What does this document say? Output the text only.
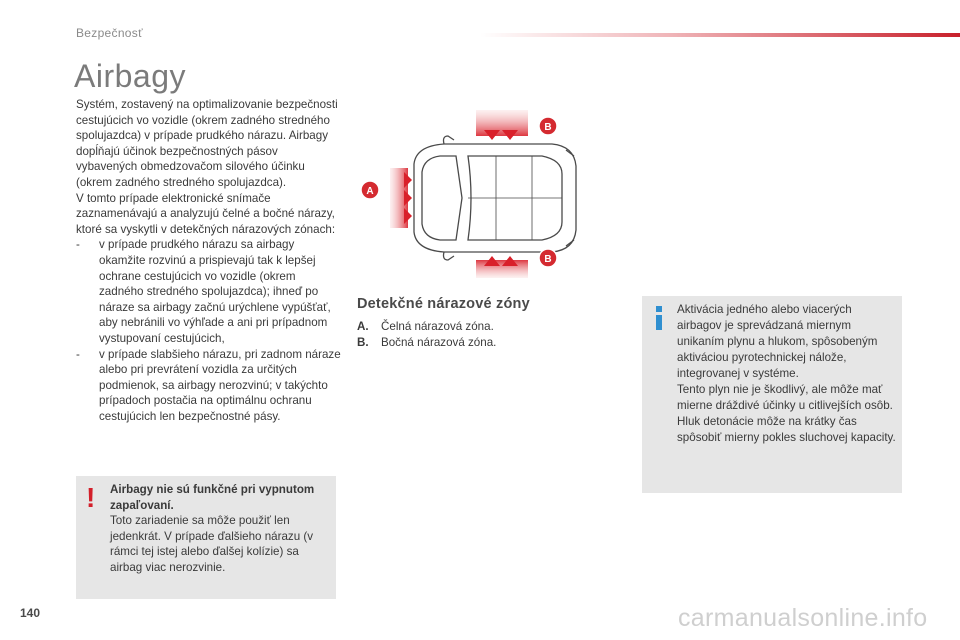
Bezpečnosť
Airbagy

Systém, zostavený na optimalizovanie bezpečnosti cestujúcich vo vozidle (okrem zadného stredného spolujazdca) v prípade prudkého nárazu. Airbagy dopĺňajú účinok bezpečnostných pásov vybavených obmedzovačom silového účinku (okrem zadného stredného spolujazdca).

V tomto prípade elektronické snímače zaznamenávajú a analyzujú čelné a bočné nárazy, ktoré sa vyskytli v detekčných nárazových zónach:

-	v prípade prudkého nárazu sa airbagy okamžite rozvinú a prispievajú tak k lepšej ochrane cestujúcich vo vozidle (okrem zadného stredného spolujazdca); ihneď po náraze sa airbagy začnú urýchlene vypúšťať, aby nebránili vo výhľade a ani pri prípadnom vystupovaní cestujúcich,
-	v prípade slabšieho nárazu, pri zadnom náraze alebo pri prevrátení vozidla za určitých podmienok, sa airbagy nerozvinú; v takýchto prípadoch postačia na optimálnu ochranu cestujúcich len bezpečnostné pásy.
! Airbagy nie sú funkčné pri vypnutom zapaľovaní.
Toto zariadenie sa môže použiť len jedenkrát. V prípade ďalšieho nárazu (v rámci tej istej alebo ďalšej kolízie) sa airbag viac nerozvinie.
A
B
B
Detekčné nárazové zóny
A.	Čelná nárazová zóna.
B.	Bočná nárazová zóna.
Aktivácia jedného alebo viacerých airbagov je sprevádzaná miernym unikaním plynu a hlukom, spôsobeným aktiváciou pyrotechnickej nálože, integrovanej v systéme.
Tento plyn nie je škodlivý, ale môže mať mierne dráždivé účinky u citlivejších osôb.
Hluk detonácie môže na krátky čas spôsobiť mierny pokles sluchovej kapacity.
140	carmanualsonline.info
